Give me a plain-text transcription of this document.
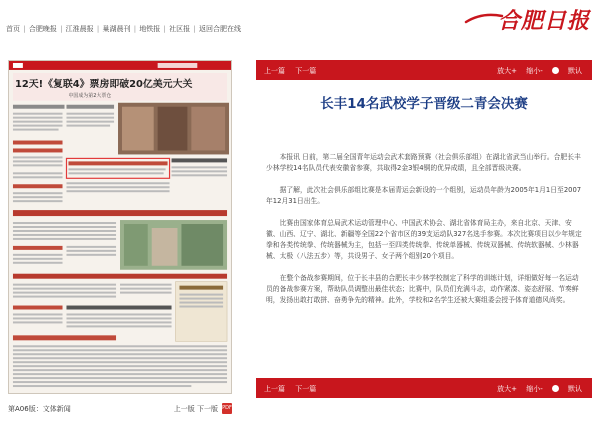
首页 | 合肥晚报 | 江淮晨报 | 巢湖晨刊 | 地铁报 | 社区报 | 返回合肥在线	合肥日报
12天!《复联4》票房即破20亿美元大关
中国成为第2大票仓
第A06版：文体新闻	上一版 下一版 PDF
上一篇 下一篇	放大+ 缩小-	默认
长丰14名武校学子晋级二青会决赛

本报讯 日前，第二届全国青年运动会武术套路预赛（社会俱乐部组）在湖北省武当山举行。合肥长丰少林学校14名队员代表安徽省参赛，共取得2金3银4铜的优异成绩，且全部晋级决赛。

据了解，此次社会俱乐部组比赛是本届青运会新设的一个组别，运动员年龄为2005年1月1日至2007年12月31日出生。

比赛由国家体育总局武术运动管理中心、中国武术协会、湖北省体育局主办，来自北京、天津、安徽、山西、辽宁、湖北、新疆等全国22个省市区的39支运动队327名选手参赛。本次比赛项目以少年规定拳和各类传统拳、传统器械为主，包括一至四类传统拳、传统单器械、传统双器械、传统软器械、少林器械、太极（八法五步）等，共设男子、女子两个组别20个项目。

在整个备战参赛期间，位于长丰县的合肥长丰少林学校制定了科学的训练计划，详细做好每一名运动员的备战参赛方案，帮助队员调整出最佳状态；比赛中，队员们充满斗志，动作紧凑、姿态舒展、节奏鲜明，发扬出敢打敢拼、奋勇争先的精神。此外，学校和2名学生还被大赛组委会授予体育道德风尚奖。

上一篇 下一篇	放大+ 缩小-	默认
